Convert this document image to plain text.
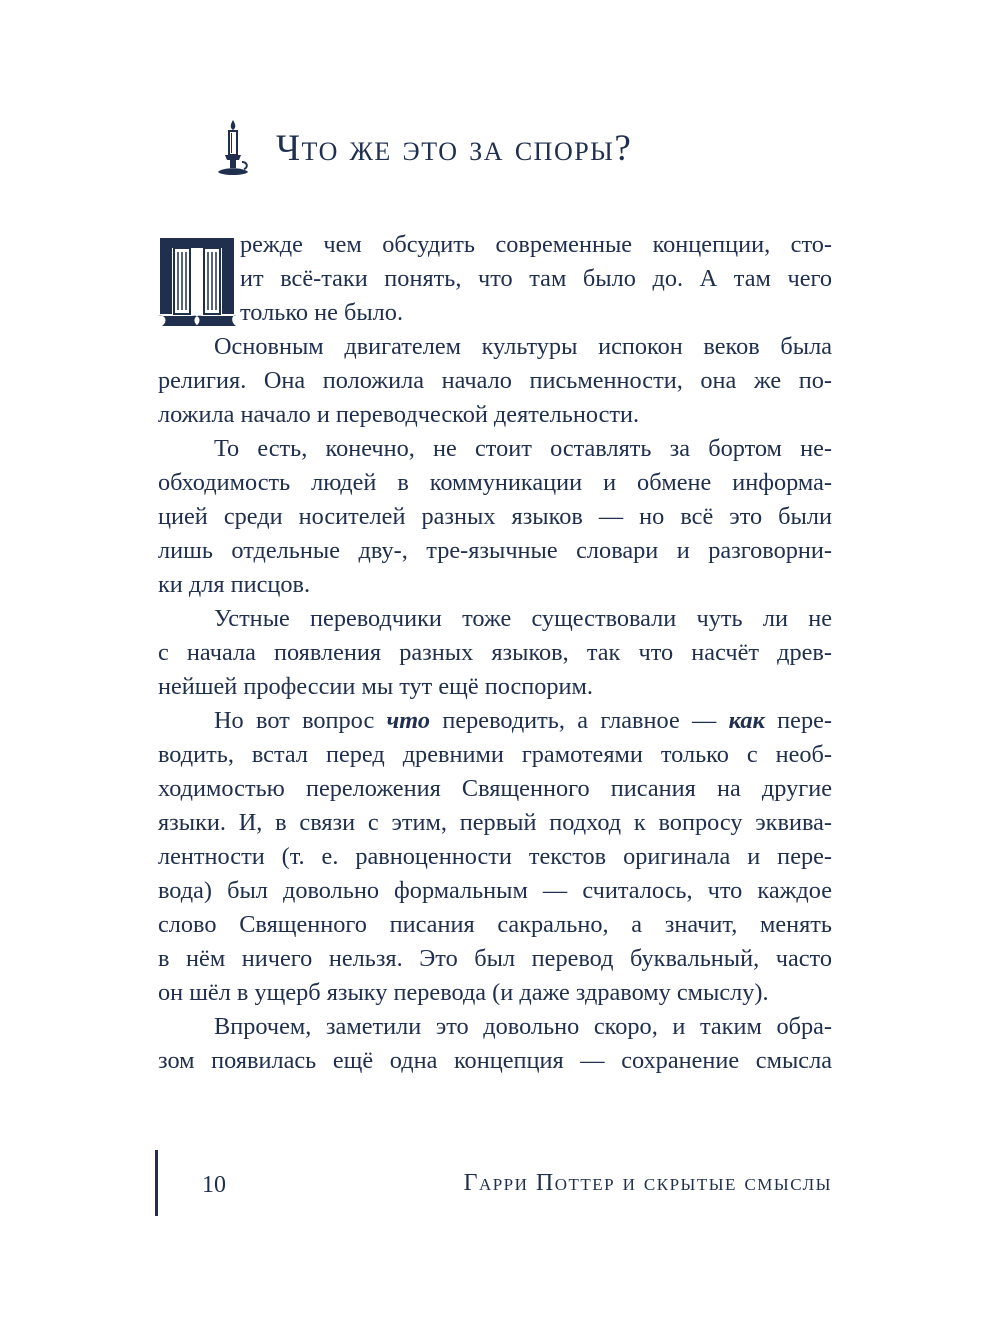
Что же это за споры?
режде чем обсудить современные концепции, сто-
ит всё-таки понять, что там было до. А там чего
только не было.
Основным двигателем культуры испокон веков была
религия. Она положила начало письменности, она же по-
ложила начало и переводческой деятельности.
То есть, конечно, не стоит оставлять за бортом не-
обходимость людей в коммуникации и обмене информа-
цией среди носителей разных языков — но всё это были
лишь отдельные дву-, тре-язычные словари и разговорни-
ки для писцов.
Устные переводчики тоже существовали чуть ли не
с начала появления разных языков, так что насчёт древ-
нейшей профессии мы тут ещё поспорим.
Но вот вопрос что переводить, а главное — как пере-
водить, встал перед древними грамотеями только с необ-
ходимостью переложения Священного писания на другие
языки. И, в связи с этим, первый подход к вопросу эквива-
лентности (т. е. равноценности текстов оригинала и пере-
вода) был довольно формальным — считалось, что каждое
слово Священного писания сакрально, а значит, менять
в нём ничего нельзя. Это был перевод буквальный, часто
он шёл в ущерб языку перевода (и даже здравому смыслу).
Впрочем, заметили это довольно скоро, и таким обра-
зом появилась ещё одна концепция — сохранение смысла
10	Гарри Поттер и скрытые смыслы
